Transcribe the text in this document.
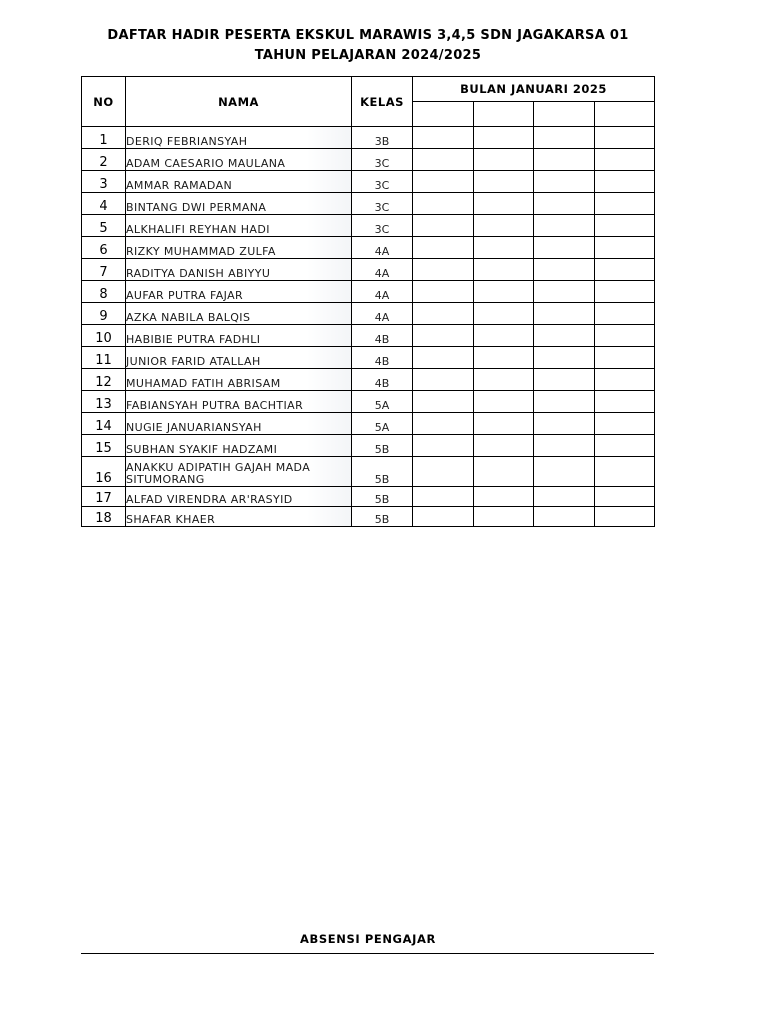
DAFTAR HADIR PESERTA EKSKUL MARAWIS 3,4,5 SDN JAGAKARSA 01
TAHUN PELAJARAN 2024/2025
NO	NAMA	KELAS	BULAN JANUARI 2025			

1	DERIQ FEBRIANSYAH	3B				
2	ADAM CAESARIO MAULANA	3C				
3	AMMAR RAMADAN	3C				
4	BINTANG DWI PERMANA	3C				
5	ALKHALIFI REYHAN HADI	3C				
6	RIZKY MUHAMMAD ZULFA	4A				
7	RADITYA DANISH ABIYYU	4A				
8	AUFAR PUTRA FAJAR	4A				
9	AZKA NABILA BALQIS	4A				
10	HABIBIE PUTRA FADHLI	4B				
11	JUNIOR FARID ATALLAH	4B				
12	MUHAMAD FATIH ABRISAM	4B				
13	FABIANSYAH PUTRA BACHTIAR	5A				
14	NUGIE JANUARIANSYAH	5A				
15	SUBHAN SYAKIF HADZAMI	5B				
16	ANAKKU ADIPATIH GAJAH MADA SITUMORANG	5B				
17	ALFAD VIRENDRA AR'RASYID	5B				
18	SHAFAR KHAER	5B				
ABSENSI PENGAJAR
